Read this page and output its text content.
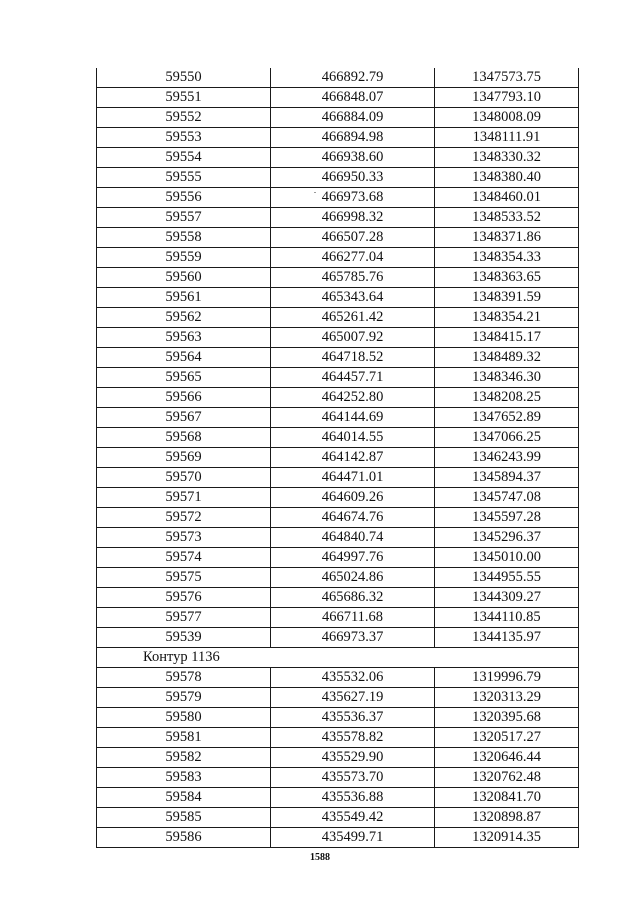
59550	466892.79	1347573.75
59551	466848.07	1347793.10
59552	466884.09	1348008.09
59553	466894.98	1348111.91
59554	466938.60	1348330.32
59555	466950.33	1348380.40
59556	466973.68	1348460.01
59557	466998.32	1348533.52
59558	466507.28	1348371.86
59559	466277.04	1348354.33
59560	465785.76	1348363.65
59561	465343.64	1348391.59
59562	465261.42	1348354.21
59563	465007.92	1348415.17
59564	464718.52	1348489.32
59565	464457.71	1348346.30
59566	464252.80	1348208.25
59567	464144.69	1347652.89
59568	464014.55	1347066.25
59569	464142.87	1346243.99
59570	464471.01	1345894.37
59571	464609.26	1345747.08
59572	464674.76	1345597.28
59573	464840.74	1345296.37
59574	464997.76	1345010.00
59575	465024.86	1344955.55
59576	465686.32	1344309.27
59577	466711.68	1344110.85
59539	466973.37	1344135.97
Контур 1136		
59578	435532.06	1319996.79
59579	435627.19	1320313.29
59580	435536.37	1320395.68
59581	435578.82	1320517.27
59582	435529.90	1320646.44
59583	435573.70	1320762.48
59584	435536.88	1320841.70
59585	435549.42	1320898.87
59586	435499.71	1320914.35
1588
